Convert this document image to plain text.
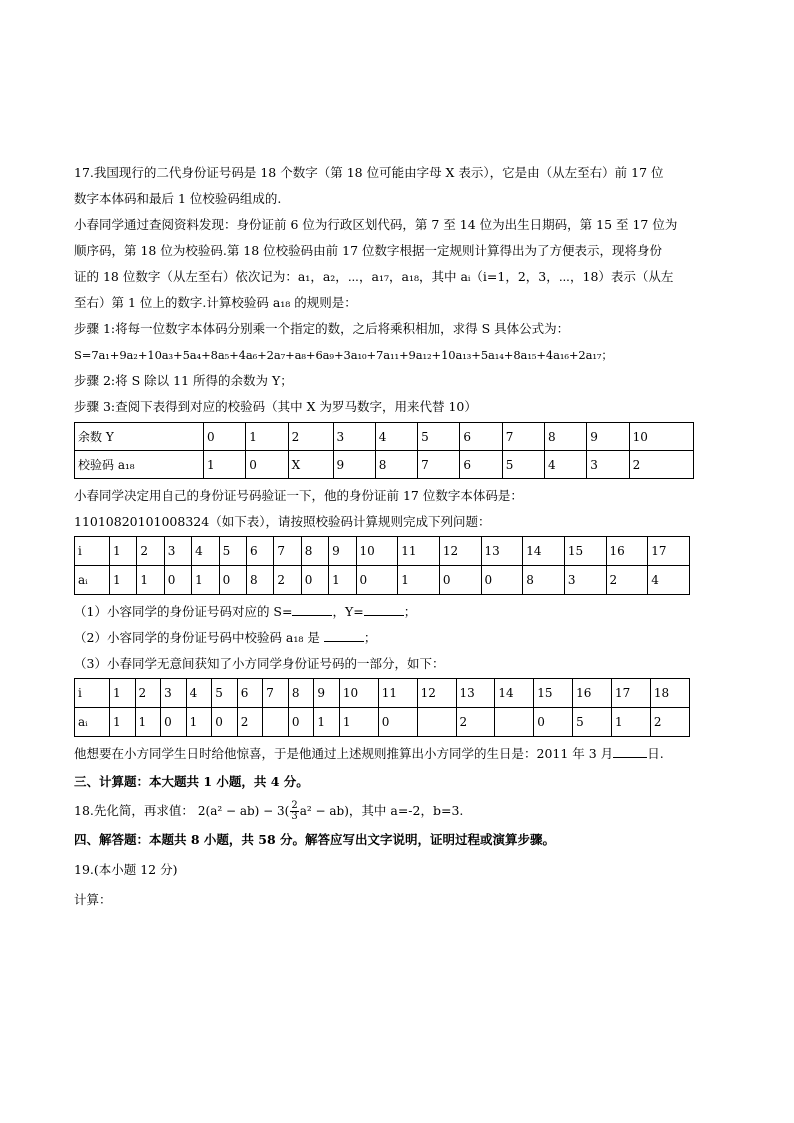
17.我国现行的二代身份证号码是 18 个数字（第 18 位可能由字母 X 表示），它是由（从左至右）前 17 位

数字本体码和最后 1 位校验码组成的.

小春同学通过查阅资料发现：身份证前 6 位为行政区划代码，第 7 至 14 位为出生日期码，第 15 至 17 位为

顺序码，第 18 位为校验码.第 18 位校验码由前 17 位数字根据一定规则计算得出为了方便表示，现将身份

证的 18 位数字（从左至右）依次记为：a₁，a₂，⋯，a₁₇，a₁₈，其中 aᵢ（i=1，2，3，⋯，18）表示（从左

至右）第 1 位上的数字.计算校验码 a₁₈ 的规则是：

步骤 1:将每一位数字本体码分别乘一个指定的数，之后将乘积相加，求得 S 具体公式为：

S=7a₁+9a₂+10a₃+5a₄+8a₅+4a₆+2a₇+a₈+6a₉+3a₁₀+7a₁₁+9a₁₂+10a₁₃+5a₁₄+8a₁₅+4a₁₆+2a₁₇；

步骤 2:将 S 除以 11 所得的余数为 Y；

步骤 3:查阅下表得到对应的校验码（其中 X 为罗马数字，用来代替 10）

余数 Y	0	1	2	3	4	5	6	7	8	9	10
校验码 a₁₈	1	0	X	9	8	7	6	5	4	3	2

小春同学决定用自己的身份证号码验证一下，他的身份证前 17 位数字本体码是：

11010820101008324（如下表），请按照校验码计算规则完成下列问题：

i	1	2	3	4	5	6	7	8	9	10	11	12	13	14	15	16	17
aᵢ	1	1	0	1	0	8	2	0	1	0	1	0	0	8	3	2	4

（1）小容同学的身份证号码对应的 S=	，Y=	；

（2）小容同学的身份证号码中校验码 a₁₈ 是	；

（3）小春同学无意间获知了小方同学身份证号码的一部分，如下：

i	1	2	3	4	5	6	7	8	9	10	11	12	13	14	15	16	17	18
aᵢ	1	1	0	1	0	2		0	1	1	0		2		0	5	1	2

他想要在小方同学生日时给他惊喜，于是他通过上述规则推算出小方同学的生日是：2011 年 3 月	日.

三、计算题：本大题共 1 小题，共 4 分。

18.先化简，再求值： $2(a^2 - ab) - 3( \frac{2}{3} a^2 - ab)$，其中 a=-2，b=3.

四、解答题：本题共 8 小题，共 58 分。解答应写出文字说明，证明过程或演算步骤。

19.(本小题 12 分)

计算：
